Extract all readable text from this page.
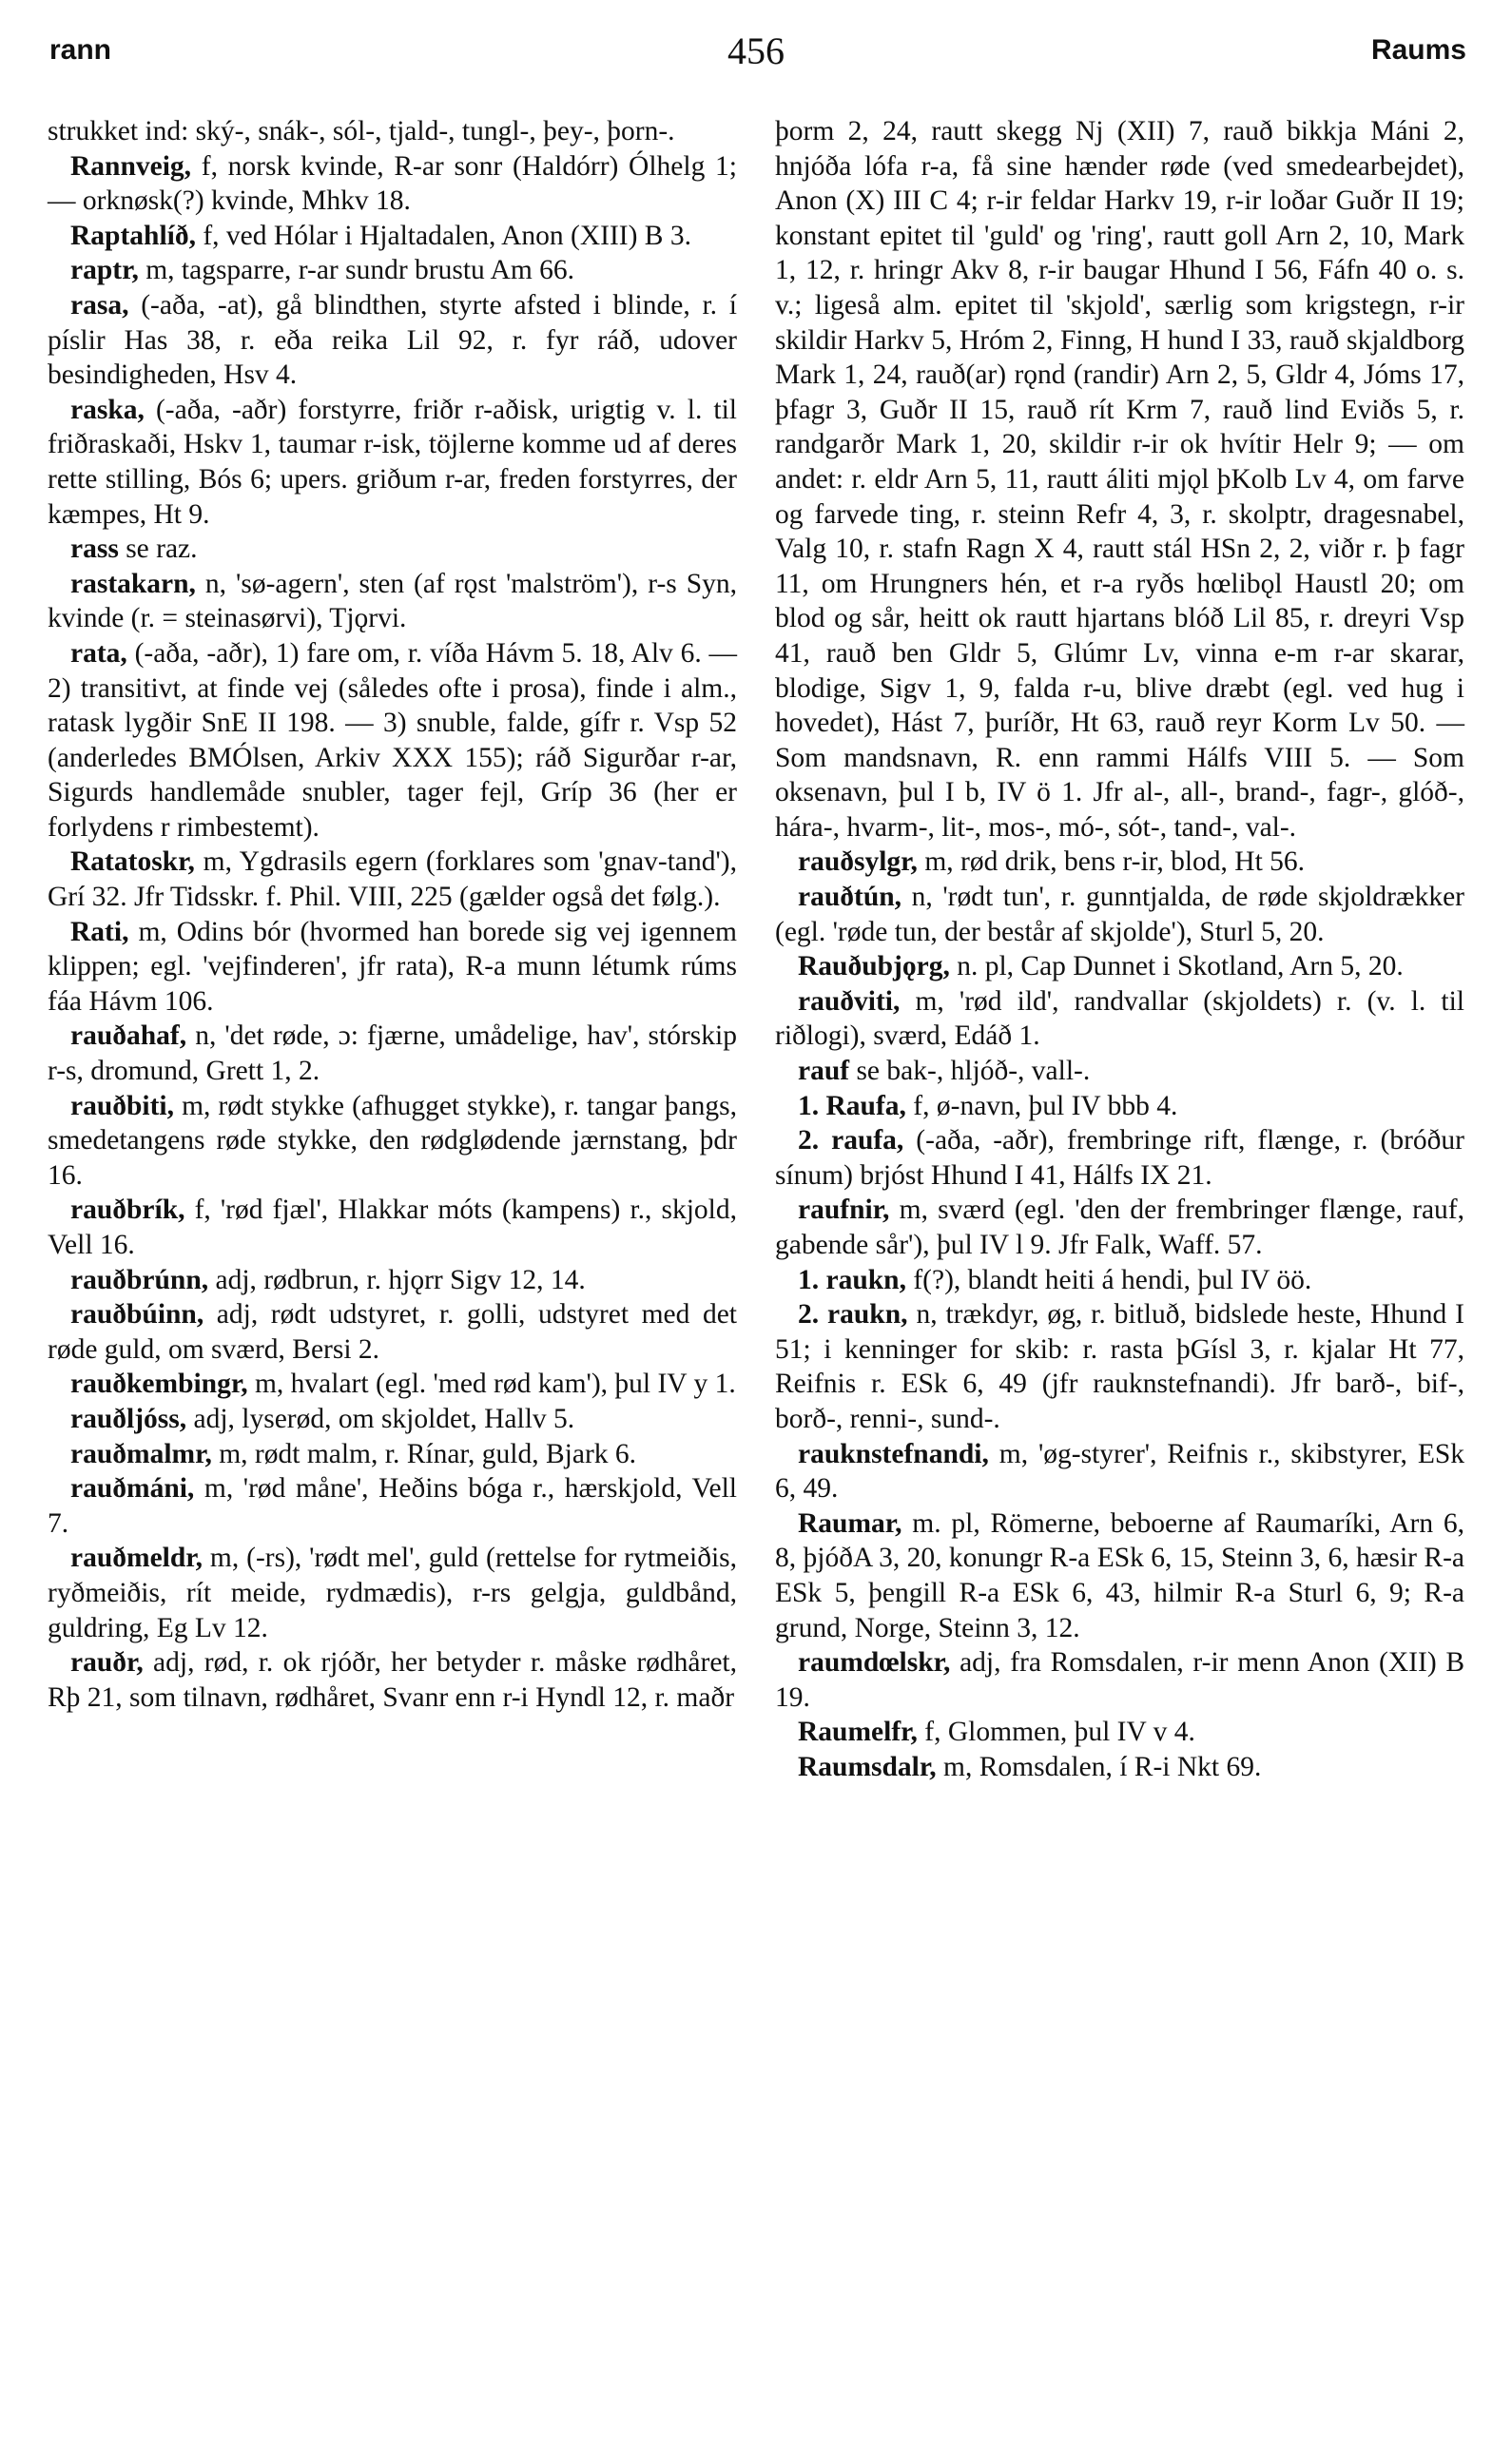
rann	456	Raums

strukket ind: ský-, snák-, sól-, tjald-, tungl-, þey-, þorn-.

Rannveig, f, norsk kvinde, R-ar sonr (Haldórr) Ólhelg 1; — orknøsk(?) kvinde, Mhkv 18.

Raptahlíð, f, ved Hólar i Hjaltadalen, Anon (XIII) B 3.

raptr, m, tagsparre, r-ar sundr brustu Am 66.

rasa, (-aða, -at), gå blindthen, styrte afsted i blinde, r. í píslir Has 38, r. eða reika Lil 92, r. fyr ráð, udover besindigheden, Hsv 4.

raska, (-aða, -aðr) forstyrre, friðr r-aðisk, urigtig v. l. til friðraskaði, Hskv 1, taumar r-isk, töjlerne komme ud af deres rette stilling, Bós 6; upers. griðum r-ar, freden forstyrres, der kæmpes, Ht 9.

rass se raz.

rastakarn, n, 'sø-agern', sten (af rǫst 'malström'), r-s Syn, kvinde (r. = steinasørvi), Tjǫrvi.

rata, (-aða, -aðr), 1) fare om, r. víða Hávm 5. 18, Alv 6. — 2) transitivt, at finde vej (således ofte i prosa), finde i alm., ratask lygðir SnE II 198. — 3) snuble, falde, gífr r. Vsp 52 (anderledes BMÓlsen, Arkiv XXX 155); ráð Sigurðar r-ar, Sigurds handlemåde snubler, tager fejl, Gríp 36 (her er forlydens r rimbestemt).

Ratatoskr, m, Ygdrasils egern (forklares som 'gnav-tand'), Grí 32. Jfr Tidsskr. f. Phil. VIII, 225 (gælder også det følg.).

Rati, m, Odins bór (hvormed han borede sig vej igennem klippen; egl. 'vejfinderen', jfr rata), R-a munn létumk rúms fáa Hávm 106.

rauðahaf, n, 'det røde, ɔ: fjærne, umådelige, hav', stórskip r-s, dromund, Grett 1, 2.

rauðbiti, m, rødt stykke (afhugget stykke), r. tangar þangs, smedetangens røde stykke, den rødglødende jærnstang, þdr 16.

rauðbrík, f, 'rød fjæl', Hlakkar móts (kampens) r., skjold, Vell 16.

rauðbrúnn, adj, rødbrun, r. hjǫrr Sigv 12, 14.

rauðbúinn, adj, rødt udstyret, r. golli, udstyret med det røde guld, om sværd, Bersi 2.

rauðkembingr, m, hvalart (egl. 'med rød kam'), þul IV y 1.

rauðljóss, adj, lyserød, om skjoldet, Hallv 5.

rauðmalmr, m, rødt malm, r. Rínar, guld, Bjark 6.

rauðmáni, m, 'rød måne', Heðins bóga r., hærskjold, Vell 7.

rauðmeldr, m, (-rs), 'rødt mel', guld (rettelse for rytmeiðis, ryðmeiðis, rít meide, rydmædis), r-rs gelgja, guldbånd, guldring, Eg Lv 12.

rauðr, adj, rød, r. ok rjóðr, her betyder r. måske rødhåret, Rþ 21, som tilnavn, rødhåret, Svanr enn r-i Hyndl 12, r. maðr

þorm 2, 24, rautt skegg Nj (XII) 7, rauð bikkja Máni 2, hnjóða lófa r-a, få sine hænder røde (ved smedearbejdet), Anon (X) III C 4; r-ir feldar Harkv 19, r-ir loðar Guðr II 19; konstant epitet til 'guld' og 'ring', rautt goll Arn 2, 10, Mark 1, 12, r. hringr Akv 8, r-ir baugar Hhund I 56, Fáfn 40 o. s. v.; ligeså alm. epitet til 'skjold', særlig som krigstegn, r-ir skildir Harkv 5, Hróm 2, Finng, H hund I 33, rauð skjaldborg Mark 1, 24, rauð(ar) rǫnd (randir) Arn 2, 5, Gldr 4, Jóms 17, þfagr 3, Guðr II 15, rauð rít Krm 7, rauð lind Eviðs 5, r. randgarðr Mark 1, 20, skildir r-ir ok hvítir Helr 9; — om andet: r. eldr Arn 5, 11, rautt áliti mjǫl þKolb Lv 4, om farve og farvede ting, r. steinn Refr 4, 3, r. skolptr, dragesnabel, Valg 10, r. stafn Ragn X 4, rautt stál HSn 2, 2, viðr r. þ fagr 11, om Hrungners hén, et r-a ryðs hœlibǫl Haustl 20; om blod og sår, heitt ok rautt hjartans blóð Lil 85, r. dreyri Vsp 41, rauð ben Gldr 5, Glúmr Lv, vinna e-m r-ar skarar, blodige, Sigv 1, 9, falda r-u, blive dræbt (egl. ved hug i hovedet), Hást 7, þuríðr, Ht 63, rauð reyr Korm Lv 50. — Som mandsnavn, R. enn rammi Hálfs VIII 5. — Som oksenavn, þul I b, IV ö 1. Jfr al-, all-, brand-, fagr-, glóð-, hára-, hvarm-, lit-, mos-, mó-, sót-, tand-, val-.

rauðsylgr, m, rød drik, bens r-ir, blod, Ht 56.

rauðtún, n, 'rødt tun', r. gunntjalda, de røde skjoldrækker (egl. 'røde tun, der består af skjolde'), Sturl 5, 20.

Rauðubjǫrg, n. pl, Cap Dunnet i Skotland, Arn 5, 20.

rauðviti, m, 'rød ild', randvallar (skjoldets) r. (v. l. til riðlogi), sværd, Edáð 1.

rauf se bak-, hljóð-, vall-.

1. Raufa, f, ø-navn, þul IV bbb 4.

2. raufa, (-aða, -aðr), frembringe rift, flænge, r. (bróður sínum) brjóst Hhund I 41, Hálfs IX 21.

raufnir, m, sværd (egl. 'den der frembringer flænge, rauf, gabende sår'), þul IV l 9. Jfr Falk, Waff. 57.

1. raukn, f(?), blandt heiti á hendi, þul IV öö.

2. raukn, n, trækdyr, øg, r. bitluð, bidslede heste, Hhund I 51; i kenninger for skib: r. rasta þGísl 3, r. kjalar Ht 77, Reifnis r. ESk 6, 49 (jfr rauknstefnandi). Jfr barð-, bif-, borð-, renni-, sund-.

rauknstefnandi, m, 'øg-styrer', Reifnis r., skibstyrer, ESk 6, 49.

Raumar, m. pl, Römerne, beboerne af Raumaríki, Arn 6, 8, þjóðA 3, 20, konungr R-a ESk 6, 15, Steinn 3, 6, hæsir R-a ESk 5, þengill R-a ESk 6, 43, hilmir R-a Sturl 6, 9; R-a grund, Norge, Steinn 3, 12.

raumdœlskr, adj, fra Romsdalen, r-ir menn Anon (XII) B 19.

Raumelfr, f, Glommen, þul IV v 4.

Raumsdalr, m, Romsdalen, í R-i Nkt 69.
